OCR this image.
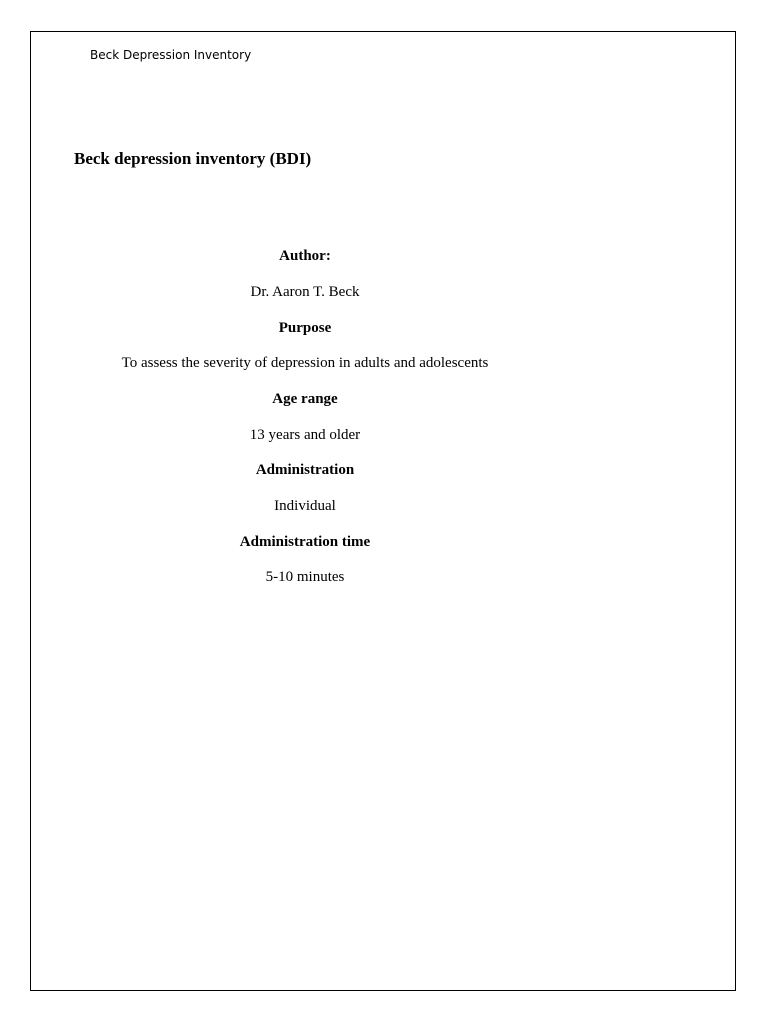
Beck Depression Inventory
Beck depression inventory (BDI)
Author:
Dr. Aaron T. Beck
Purpose
To assess the severity of depression in adults and adolescents
Age range
13 years and older
Administration
Individual
Administration time
5-10 minutes
